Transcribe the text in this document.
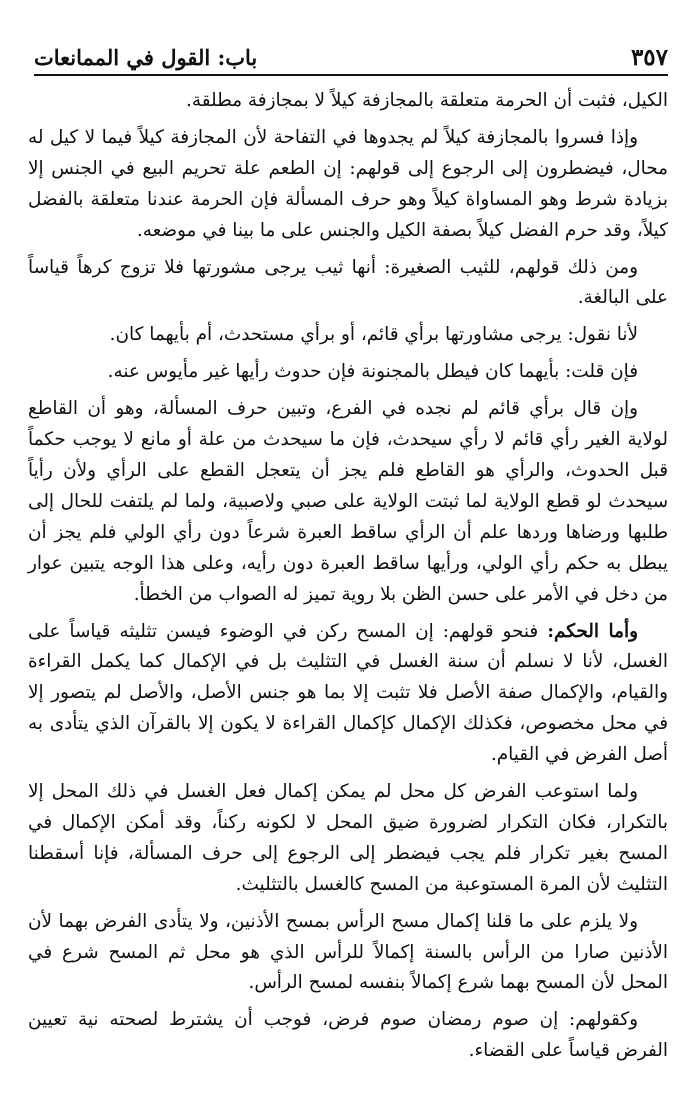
باب: القول في الممانعات	٣٥٧

الكيل، فثبت أن الحرمة متعلقة بالمجازفة كيلاً لا بمجازفة مطلقة.

وإذا فسروا بالمجازفة كيلاً لم يجدوها في التفاحة لأن المجازفة كيلاً فيما لا كيل له محال، فيضطرون إلى الرجوع إلى قولهم: إن الطعم علة تحريم البيع في الجنس إلا بزيادة شرط وهو المساواة كيلاً وهو حرف المسألة فإن الحرمة عندنا متعلقة بالفضل كيلاً، وقد حرم الفضل كيلاً بصفة الكيل والجنس على ما بينا في موضعه.

ومن ذلك قولهم، للثيب الصغيرة: أنها ثيب يرجى مشورتها فلا تزوج كرهاً قياساً على البالغة.

لأنا نقول: يرجى مشاورتها برأي قائم، أو برأي مستحدث، أم بأيهما كان.

فإن قلت: بأيهما كان فيطل بالمجنونة فإن حدوث رأيها غير مأيوس عنه.

وإن قال برأي قائم لم نجده في الفرع، وتبين حرف المسألة، وهو أن القاطع لولاية الغير رأي قائم لا رأي سيحدث، فإن ما سيحدث من علة أو مانع لا يوجب حكماً قبل الحدوث، والرأي هو القاطع فلم يجز أن يتعجل القطع على الرأي ولأن رأياً سيحدث لو قطع الولاية لما ثبتت الولاية على صبي ولاصبية، ولما لم يلتفت للحال إلى طلبها ورضاها وردها علم أن الرأي ساقط العبرة شرعاً دون رأي الولي فلم يجز أن يبطل به حكم رأي الولي، ورأيها ساقط العبرة دون رأيه، وعلى هذا الوجه يتبين عوار من دخل في الأمر على حسن الظن بلا روية تميز له الصواب من الخطأ.

وأما الحكم: فنحو قولهم: إن المسح ركن في الوضوء فيسن تثليثه قياساً على الغسل، لأنا لا نسلم أن سنة الغسل في التثليث بل في الإكمال كما يكمل القراءة والقيام، والإكمال صفة الأصل فلا تثبت إلا بما هو جنس الأصل، والأصل لم يتصور إلا في محل مخصوص، فكذلك الإكمال كإكمال القراءة لا يكون إلا بالقرآن الذي يتأدى به أصل الفرض في القيام.

ولما استوعب الفرض كل محل لم يمكن إكمال فعل الغسل في ذلك المحل إلا بالتكرار، فكان التكرار لضرورة ضيق المحل لا لكونه ركناً، وقد أمكن الإكمال في المسح بغير تكرار فلم يجب فيضطر إلى الرجوع إلى حرف المسألة، فإنا أسقطنا التثليث لأن المرة المستوعبة من المسح كالغسل بالتثليث.

ولا يلزم على ما قلنا إكمال مسح الرأس بمسح الأذنين، ولا يتأدى الفرض بهما لأن الأذنين صارا من الرأس بالسنة إكمالاً للرأس الذي هو محل ثم المسح شرع في المحل لأن المسح بهما شرع إكمالاً بنفسه لمسح الرأس.

وكقولهم: إن صوم رمضان صوم فرض، فوجب أن يشترط لصحته نية تعيين الفرض قياساً على القضاء.
